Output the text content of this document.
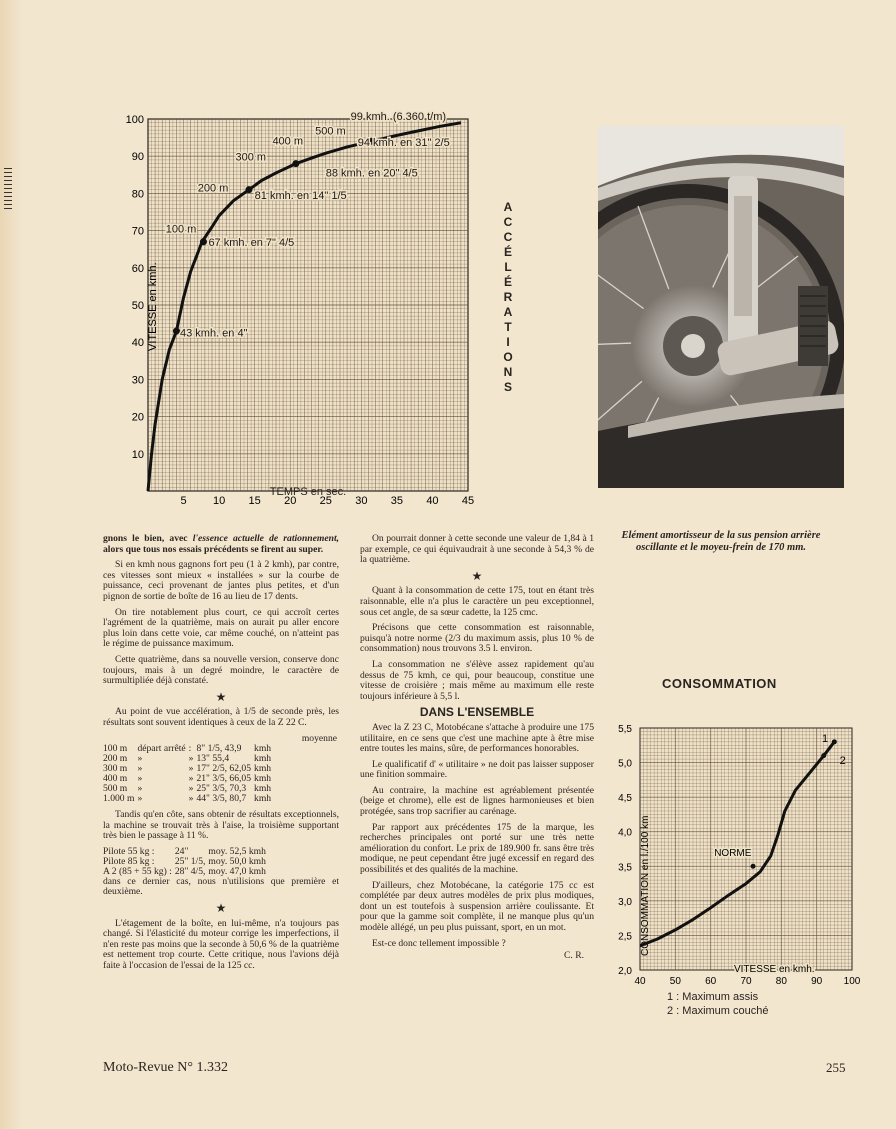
10
20
30
40
50
60
70
80
90
100
5 10 15 20 25 30 35 40 45
TEMPS en sec.
VITESSE en kmh.
99 kmh. (6.360 t/m)
94 kmh. en 31" 2/5
88 kmh. en 20" 4/5
81 kmh. en 14" 1/5
67 kmh. en 7" 4/5
43 kmh. en 4"
100 m
200 m
300 m
400 m
500 m
A
C
C
É
L
É
R
A
T
I
O
N
S
Elément amortisseur de la sus pension arrière oscillante et le moyeu-frein de 170 mm.
CONSOMMATION
2,0
2,5
3,0
3,5
4,0
4,5
5,0
5,5
40 50 60 70 80 90 100
VITESSE en kmh.
CONSOMMATION en l./100 km
1
2
NORME
1 : Maximum assis
2 : Maximum couché

gnons le bien, avec l'essence actuelle de rationnement, alors que tous nos essais précédents se firent au super.

Si en kmh nous gagnons fort peu (1 à 2 kmh), par contre, ces vitesses sont mieux « installées » sur la courbe de puissance, ceci provenant de jantes plus petites, et d'un pignon de sortie de boîte de 16 au lieu de 17 dents.

On tire notablement plus court, ce qui accroît certes l'agrément de la quatrième, mais on aurait pu aller encore plus loin dans cette voie, car même couché, on n'atteint pas le régime de puissance maximum.

Cette quatrième, dans sa nouvelle version, conserve donc toujours, mais à un degré moindre, le caractère de surmultipliée déjà constaté.

★

Au point de vue accélération, à 1/5 de seconde près, les résultats sont souvent identiques à ceux de la Z 22 C.

moyenne
100 m	départ arrêté	:	8" 1/5, 43,9	kmh
200 m	»	»	13" 55,4	kmh
300 m	»	»	17" 2/5, 62,05	kmh
400 m	»	»	21" 3/5, 66,05	kmh
500 m	»	»	25" 3/5, 70,3	kmh
1.000 m	»	»	44" 3/5, 80,7	kmh

Tandis qu'en côte, sans obtenir de résultats exceptionnels, la machine se trouvait très à l'aise, la troisième supportant très bien le passage à 11 %.

Pilote 55 kg :	24"	moy. 52,5 kmh
Pilote 85 kg :	25" 1/5,	moy. 50,0 kmh
A 2 (85 + 55 kg) :	28" 4/5,	moy. 47,0 kmh

dans ce dernier cas, nous n'utilisions que première et deuxième.

★

L'étagement de la boîte, en lui-même, n'a toujours pas changé. Si l'élasticité du moteur corrige les imperfections, il n'en reste pas moins que la seconde à 50,6 % de la quatrième est nettement trop courte. Cette critique, nous l'avions déjà faite à l'occasion de l'essai de la 125 cc.

On pourrait donner à cette seconde une valeur de 1,84 à 1 par exemple, ce qui équivaudrait à une seconde à 54,3 % de la quatrième.

★

Quant à la consommation de cette 175, tout en étant très raisonnable, elle n'a plus le caractère un peu exceptionnel, sous cet angle, de sa sœur cadette, la 125 cmc.

Précisons que cette consommation est raisonnable, puisqu'à notre norme (2/3 du maximum assis, plus 10 % de consommation) nous trouvons 3.5 l. environ.

La consommation ne s'élève assez rapidement qu'au dessus de 75 kmh, ce qui, pour beaucoup, constitue une vitesse de croisière ; mais même au maximum elle reste toujours inférieure à 5,5 l.

DANS L'ENSEMBLE

Avec la Z 23 C, Motobécane s'attache à produire une 175 utilitaire, en ce sens que c'est une machine apte à être mise entre toutes les mains, sûre, de performances honorables.

Le qualificatif d' « utilitaire » ne doit pas laisser supposer une finition sommaire.

Au contraire, la machine est agréablement présentée (beige et chrome), elle est de lignes harmonieuses et bien protégée, sans trop sacrifier au carénage.

Par rapport aux précédentes 175 de la marque, les recherches principales ont porté sur une très nette amélioration du confort. Le prix de 189.900 fr. sans être très modique, ne peut cependant être jugé excessif en regard des possibilités et des qualités de la machine.

D'ailleurs, chez Motobécane, la catégorie 175 cc est complétée par deux autres modèles de prix plus modiques, dont un est toutefois à suspension arrière coulissante. Et pour que la gamme soit complète, il ne manque plus qu'un modèle allégé, un peu plus puissant, sport, en un mot.

Est-ce donc tellement impossible ?

C. R.
Moto-Revue N° 1.332	255
